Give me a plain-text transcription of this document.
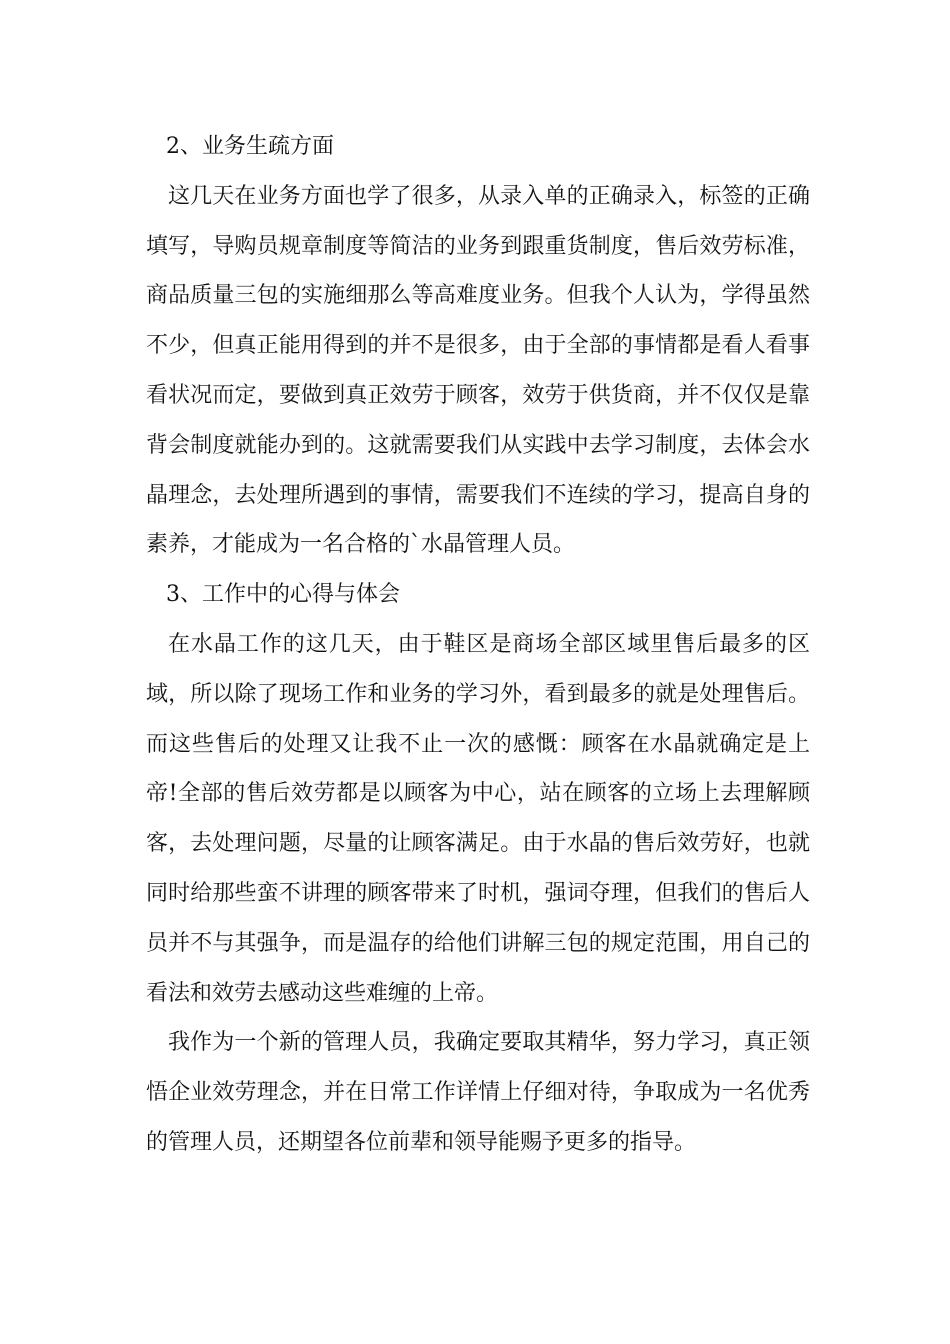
2、业务生疏方面

这几天在业务方面也学了很多，从录入单的正确录入，标签的正确填写，导购员规章制度等简洁的业务到跟重货制度，售后效劳标准，商品质量三包的实施细那么等高难度业务。但我个人认为，学得虽然不少，但真正能用得到的并不是很多，由于全部的事情都是看人看事看状况而定，要做到真正效劳于顾客，效劳于供货商，并不仅仅是靠背会制度就能办到的。这就需要我们从实践中去学习制度，去体会水晶理念，去处理所遇到的事情，需要我们不连续的学习，提高自身的素养，才能成为一名合格的`水晶管理人员。

3、工作中的心得与体会

在水晶工作的这几天，由于鞋区是商场全部区域里售后最多的区域，所以除了现场工作和业务的学习外，看到最多的就是处理售后。而这些售后的处理又让我不止一次的感慨：顾客在水晶就确定是上帝!全部的售后效劳都是以顾客为中心，站在顾客的立场上去理解顾客，去处理问题，尽量的让顾客满足。由于水晶的售后效劳好，也就同时给那些蛮不讲理的顾客带来了时机，强词夺理，但我们的售后人员并不与其强争，而是温存的给他们讲解三包的规定范围，用自己的看法和效劳去感动这些难缠的上帝。

我作为一个新的管理人员，我确定要取其精华，努力学习，真正领悟企业效劳理念，并在日常工作详情上仔细对待，争取成为一名优秀的管理人员，还期望各位前辈和领导能赐予更多的指导。
